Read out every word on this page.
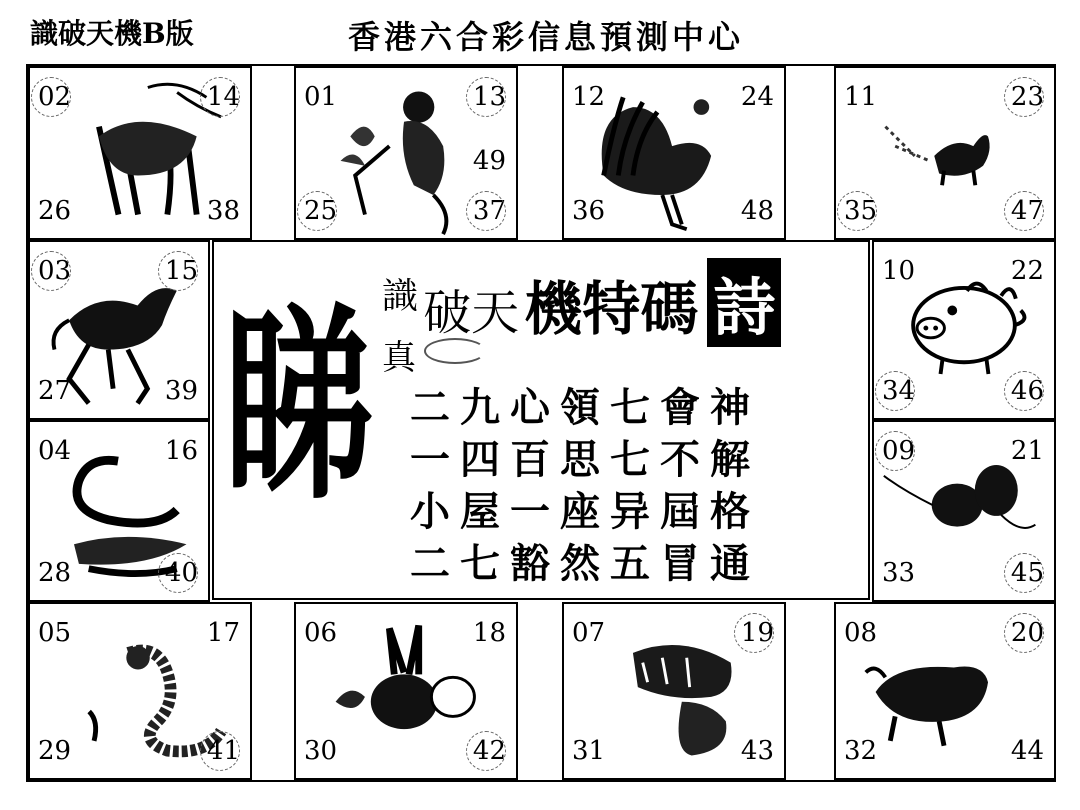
識破天機B版	香港六合彩信息預測中心
02	14
26	38
01	13
49
25	37
12	24
36	48
11	23
35	47
03	15
27	39
10	22
34	46
04	16
28	40
09	21
33	45
05	17
29	41
06	18
30	42
07	19
31	43
08	20
32	44
睇 識 破天 機特碼 詩
真
二九心領七會神
一四百思七不解
小屋一座异屆格
二七豁然五冒通
